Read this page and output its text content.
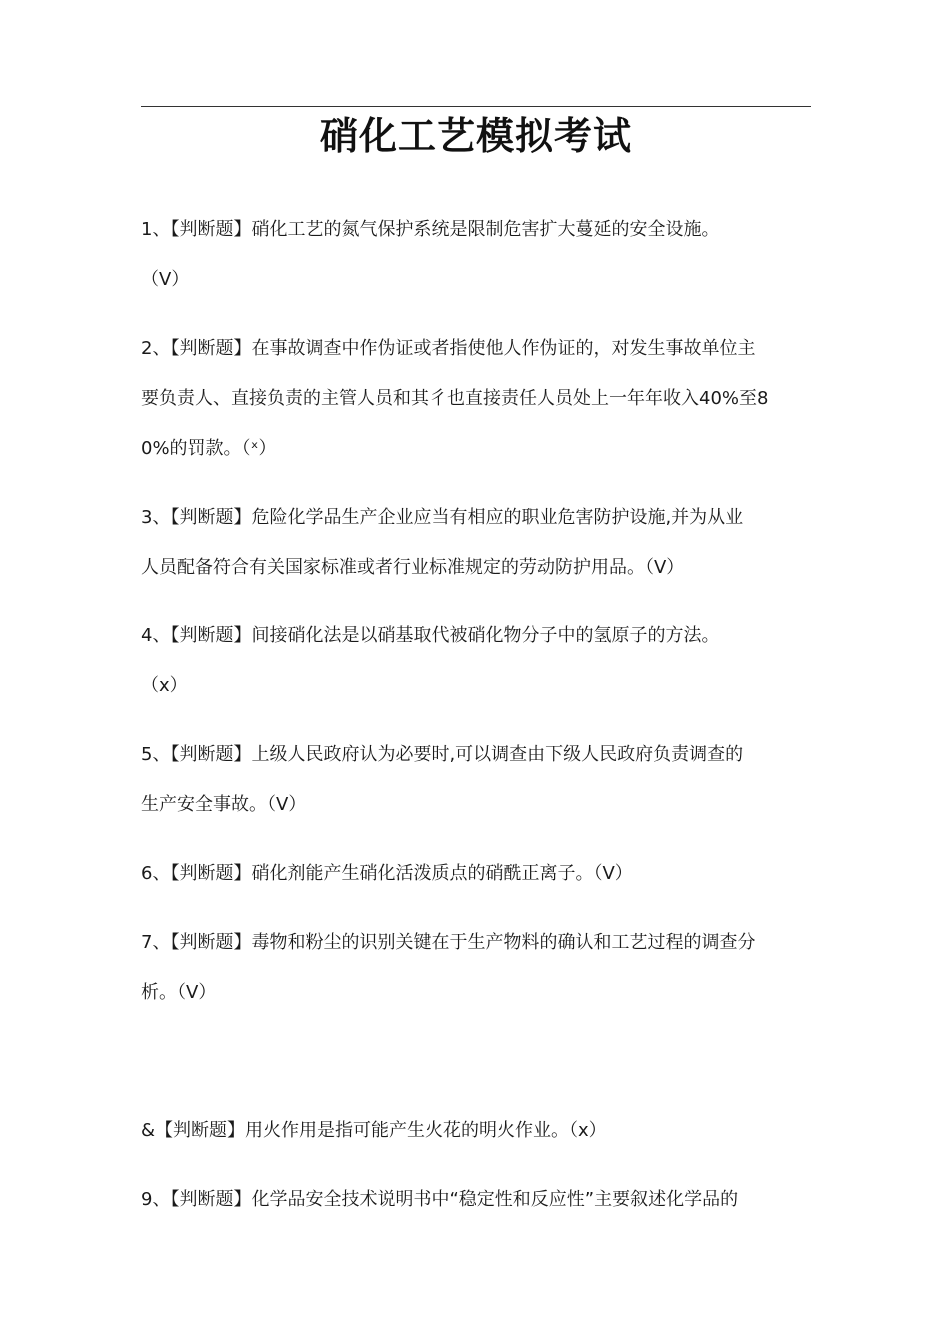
硝化工艺模拟考试
1、【判断题】硝化工艺的氮气保护系统是限制危害扩大蔓延的安全设施。
（V）
2、【判断题】在事故调查中作伪证或者指使他人作伪证的，对发生事故单位主
要负责人、直接负责的主管人员和其彳也直接责任人员处上一年年收入40%至8
0%的罚款。（ˣ）
3、【判断题】危险化学品生产企业应当有相应的职业危害防护设施,并为从业
人员配备符合有关国家标准或者行业标准规定的劳动防护用品。（V）
4、【判断题】间接硝化法是以硝基取代被硝化物分子中的氢原子的方法。
（x）
5、【判断题】上级人民政府认为必要时,可以调查由下级人民政府负责调查的
生产安全事故。（V）
6、【判断题】硝化剂能产生硝化活泼质点的硝酰正离子。（V）
7、【判断题】毒物和粉尘的识别关键在于生产物料的确认和工艺过程的调查分
析。（V）
&【判断题】用火作用是指可能产生火花的明火作业。（x）
9、【判断题】化学品安全技术说明书中“稳定性和反应性”主要叙述化学品的
